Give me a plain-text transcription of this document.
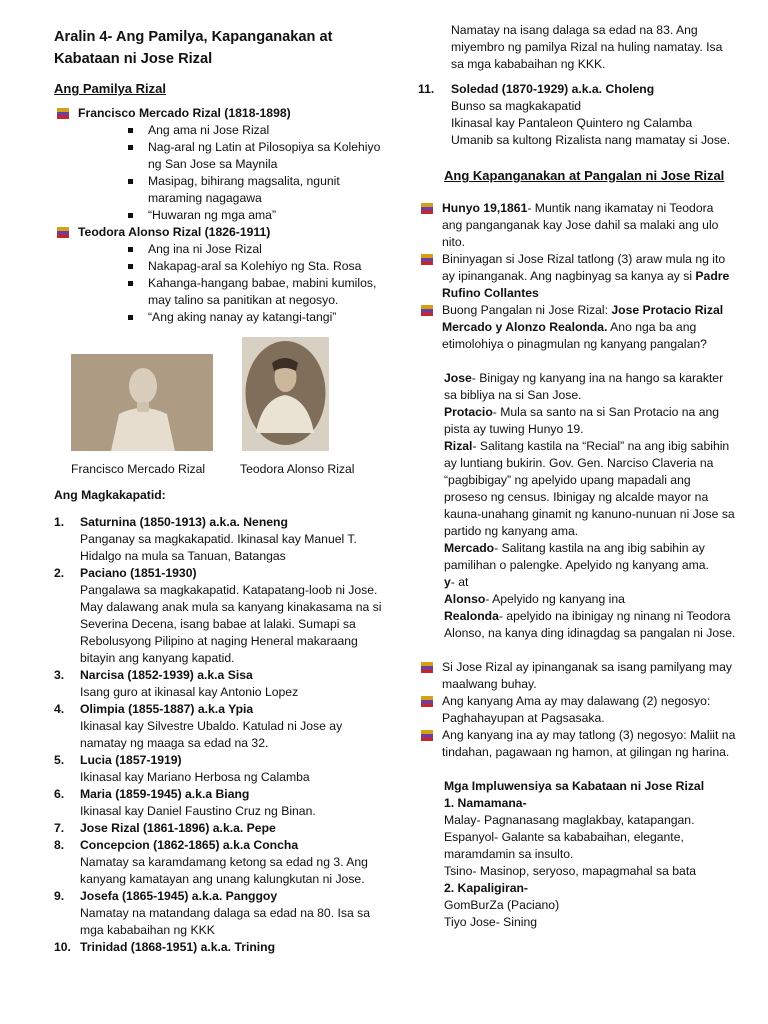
Aralin 4- Ang Pamilya, Kapanganakan at Kabataan ni Jose Rizal
Ang Pamilya Rizal
Francisco Mercado Rizal (1818-1898)
Ang ama ni Jose Rizal
Nag-aral ng Latin at Pilosopiya sa Kolehiyo ng San Jose sa Maynila
Masipag, bihirang magsalita, ngunit maraming nagagawa
“Huwaran ng mga ama”
Teodora Alonso Rizal (1826-1911)
Ang ina ni Jose Rizal
Nakapag-aral sa Kolehiyo ng Sta. Rosa
Kahanga-hangang babae, mabini kumilos, may talino sa panitikan at negosyo.
“Ang aking nanay ay katangi-tangi”
Francisco Mercado Rizal	Teodora Alonso Rizal
Ang Magkakapatid:
1. Saturnina (1850-1913) a.k.a. Neneng
Panganay sa magkakapatid. Ikinasal kay Manuel T. Hidalgo na mula sa Tanuan, Batangas
2. Paciano (1851-1930)
Pangalawa sa magkakapatid. Katapatang-loob ni Jose. May dalawang anak mula sa kanyang kinakasama na si Severina Decena, isang babae at lalaki. Sumapi sa Rebolusyong Pilipino at naging Heneral makaraang bitayin ang kanyang kapatid.
3. Narcisa (1852-1939) a.k.a Sisa
Isang guro at ikinasal kay Antonio Lopez
4. Olimpia (1855-1887) a.k.a Ypia
Ikinasal kay Silvestre Ubaldo. Katulad ni Jose ay namatay ng maaga sa edad na 32.
5. Lucia (1857-1919)
Ikinasal kay Mariano Herbosa ng Calamba
6. Maria (1859-1945) a.k.a Biang
Ikinasal kay Daniel Faustino Cruz ng Binan.
7. Jose Rizal (1861-1896) a.k.a. Pepe
8. Concepcion (1862-1865) a.k.a Concha
Namatay sa karamdamang ketong sa edad ng 3. Ang kanyang kamatayan ang unang kalungkutan ni Jose.
9. Josefa (1865-1945) a.k.a. Panggoy
Namatay na matandang dalaga sa edad na 80. Isa sa mga kababaihan ng KKK
10. Trinidad (1868-1951) a.k.a. Trining
Namatay na isang dalaga sa edad na 83. Ang miyembro ng pamilya Rizal na huling namatay. Isa sa mga kababaihan ng KKK.
11. Soledad (1870-1929) a.k.a. Choleng
Bunso sa magkakapatid
Ikinasal kay Pantaleon Quintero ng Calamba
Umanib sa kultong Rizalista nang mamatay si Jose.
Ang Kapanganakan at Pangalan ni Jose Rizal
Hunyo 19,1861- Muntik nang ikamatay ni Teodora ang panganganak kay Jose dahil sa malaki ang ulo nito.
Bininyagan si Jose Rizal tatlong (3) araw mula ng ito ay ipinanganak. Ang nagbinyag sa kanya ay si Padre Rufino Collantes
Buong Pangalan ni Jose Rizal: Jose Protacio Rizal Mercado y Alonzo Realonda. Ano nga ba ang etimolohiya o pinagmulan ng kanyang pangalan?
Jose- Binigay ng kanyang ina na hango sa karakter sa bibliya na si San Jose.
Protacio- Mula sa santo na si San Protacio na ang pista ay tuwing Hunyo 19.
Rizal- Salitang kastila na “Recial” na ang ibig sabihin ay luntiang bukirin. Gov. Gen. Narciso Claveria na “pagbibigay” ng apelyido upang mapadali ang proseso ng census. Ibinigay ng alcalde mayor na kauna-unahang ginamit ng kanuno-nunuan ni Jose sa partido ng kanyang ama.
Mercado- Salitang kastila na ang ibig sabihin ay pamilihan o palengke. Apelyido ng kanyang ama.
y- at
Alonso- Apelyido ng kanyang ina
Realonda- apelyido na ibinigay ng ninang ni Teodora Alonso, na kanya ding idinagdag sa pangalan ni Jose.
Si Jose Rizal ay ipinanganak sa isang pamilyang may maalwang buhay.
Ang kanyang Ama ay may dalawang (2) negosyo: Paghahayupan at Pagsasaka.
Ang kanyang ina ay may tatlong (3) negosyo: Maliit na tindahan, pagawaan ng hamon, at gilingan ng harina.
Mga Impluwensiya sa Kabataan ni Jose Rizal
1. Namamana-
Malay- Pagnanasang maglakbay, katapangan.
Espanyol- Galante sa kababaihan, elegante, maramdamin sa insulto.
Tsino- Masinop, seryoso, mapagmahal sa bata
2. Kapaligiran-
GomBurZa (Paciano)
Tiyo Jose- Sining
